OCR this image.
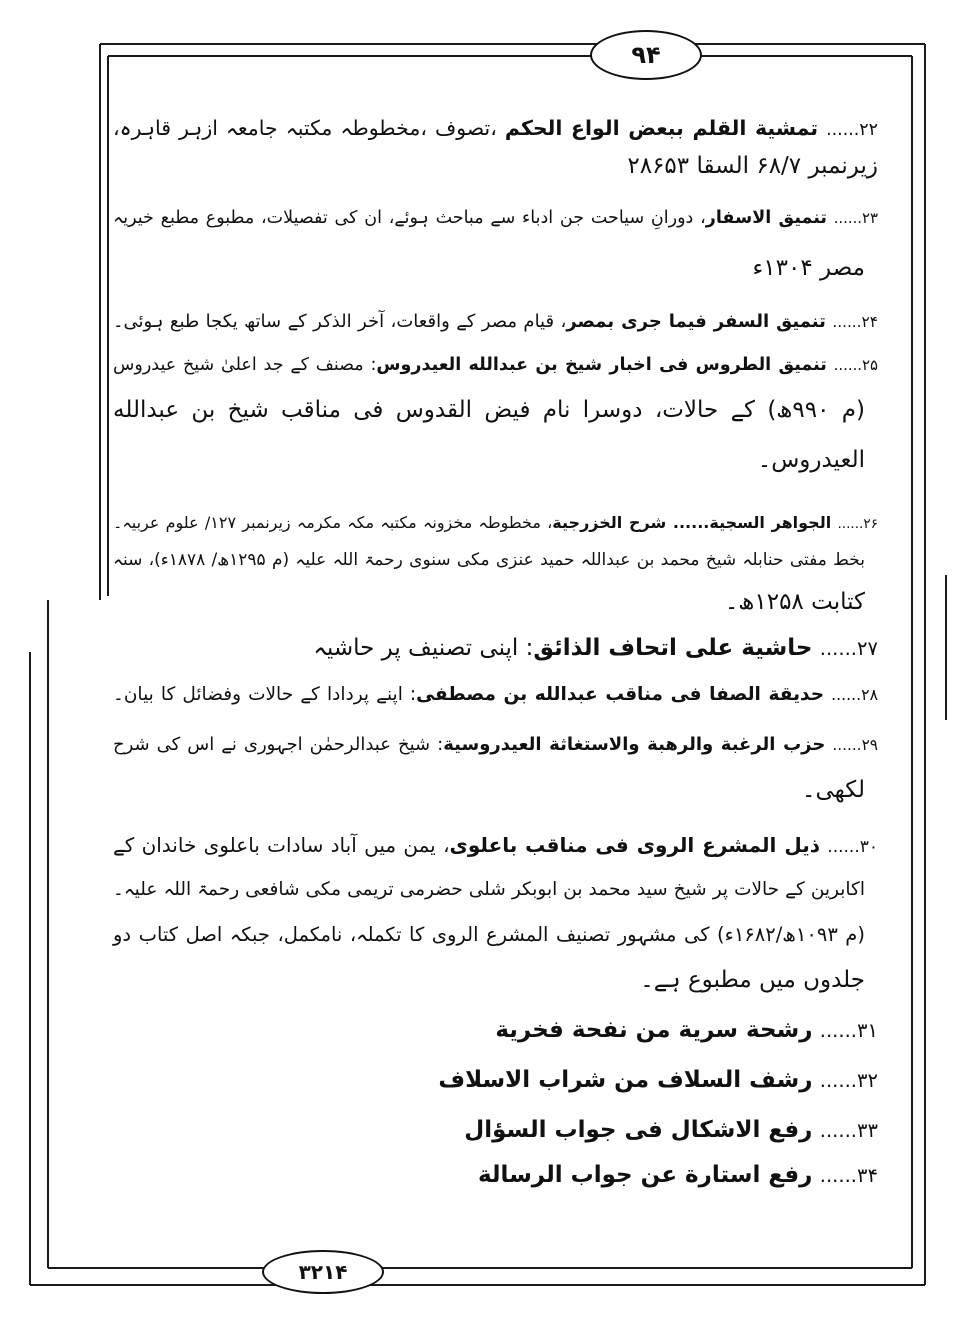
۹۴
۳۲۱۴
۲۲...... تمشية القلم ببعض الواع الحكم ،تصوف ،مخطوطہ مکتبہ جامعہ ازہر قاہرہ،
زیرنمبر ۶۸/۷ السقا ۲۸۶۵۳
۲۳...... تنميق الاسفار، دورانِ سیاحت جن ادباء سے مباحث ہوئے، ان کی تفصیلات، مطبوع مطبع خیریہ
مصر ۱۳۰۴ء
۲۴...... تنميق السفر فيما جرى بمصر، قیام مصر کے واقعات، آخر الذکر کے ساتھ یکجا طبع ہوئی۔
۲۵...... تنميق الطروس فى اخبار شيخ بن عبدالله العيدروس: مصنف کے جد اعلیٰ شیخ عیدروس
(م ۹۹۰ھ) کے حالات، دوسرا نام فیض القدوس فی مناقب شیخ بن عبدالله
العیدروس۔
۲۶...... الجواهر السجية...... شرح الخزرجية، مخطوطہ مخزونہ مکتبہ مکہ مکرمہ زیرنمبر ۱۲۷/ علوم عربیہ۔
بخط مفتی حنابلہ شیخ محمد بن عبداللہ حمید عنزی مکی سنوی رحمۃ اللہ علیہ (م ۱۲۹۵ھ/ ۱۸۷۸ء)، سنہ
کتابت ۱۲۵۸ھ۔
۲۷...... حاشية على اتحاف الذائق: اپنی تصنیف پر حاشیہ
۲۸...... حديقة الصفا فى مناقب عبدالله بن مصطفى: اپنے پردادا کے حالات وفضائل کا بیان۔
۲۹...... حزب الرغبة والرهبة والاستغاثة العيدروسية: شیخ عبدالرحمٰن اجہوری نے اس کی شرح
لکھی۔
۳۰...... ذيل المشرع الروى فى مناقب باعلوى، یمن میں آباد سادات باعلوی خاندان کے
اکابرین کے حالات پر شیخ سید محمد بن ابوبکر شلی حضرمی تریمی مکی شافعی رحمۃ اللہ علیہ۔
(م ۱۰۹۳ھ/۱۶۸۲ء) کی مشہور تصنیف المشرع الروى کا تکملہ، نامکمل، جبکہ اصل کتاب دو
جلدوں میں مطبوع ہے۔
۳۱...... رشحة سرية من نفحة فخرية
۳۲...... رشف السلاف من شراب الاسلاف
۳۳...... رفع الاشكال فى جواب السؤال
۳۴...... رفع استارة عن جواب الرسالة
